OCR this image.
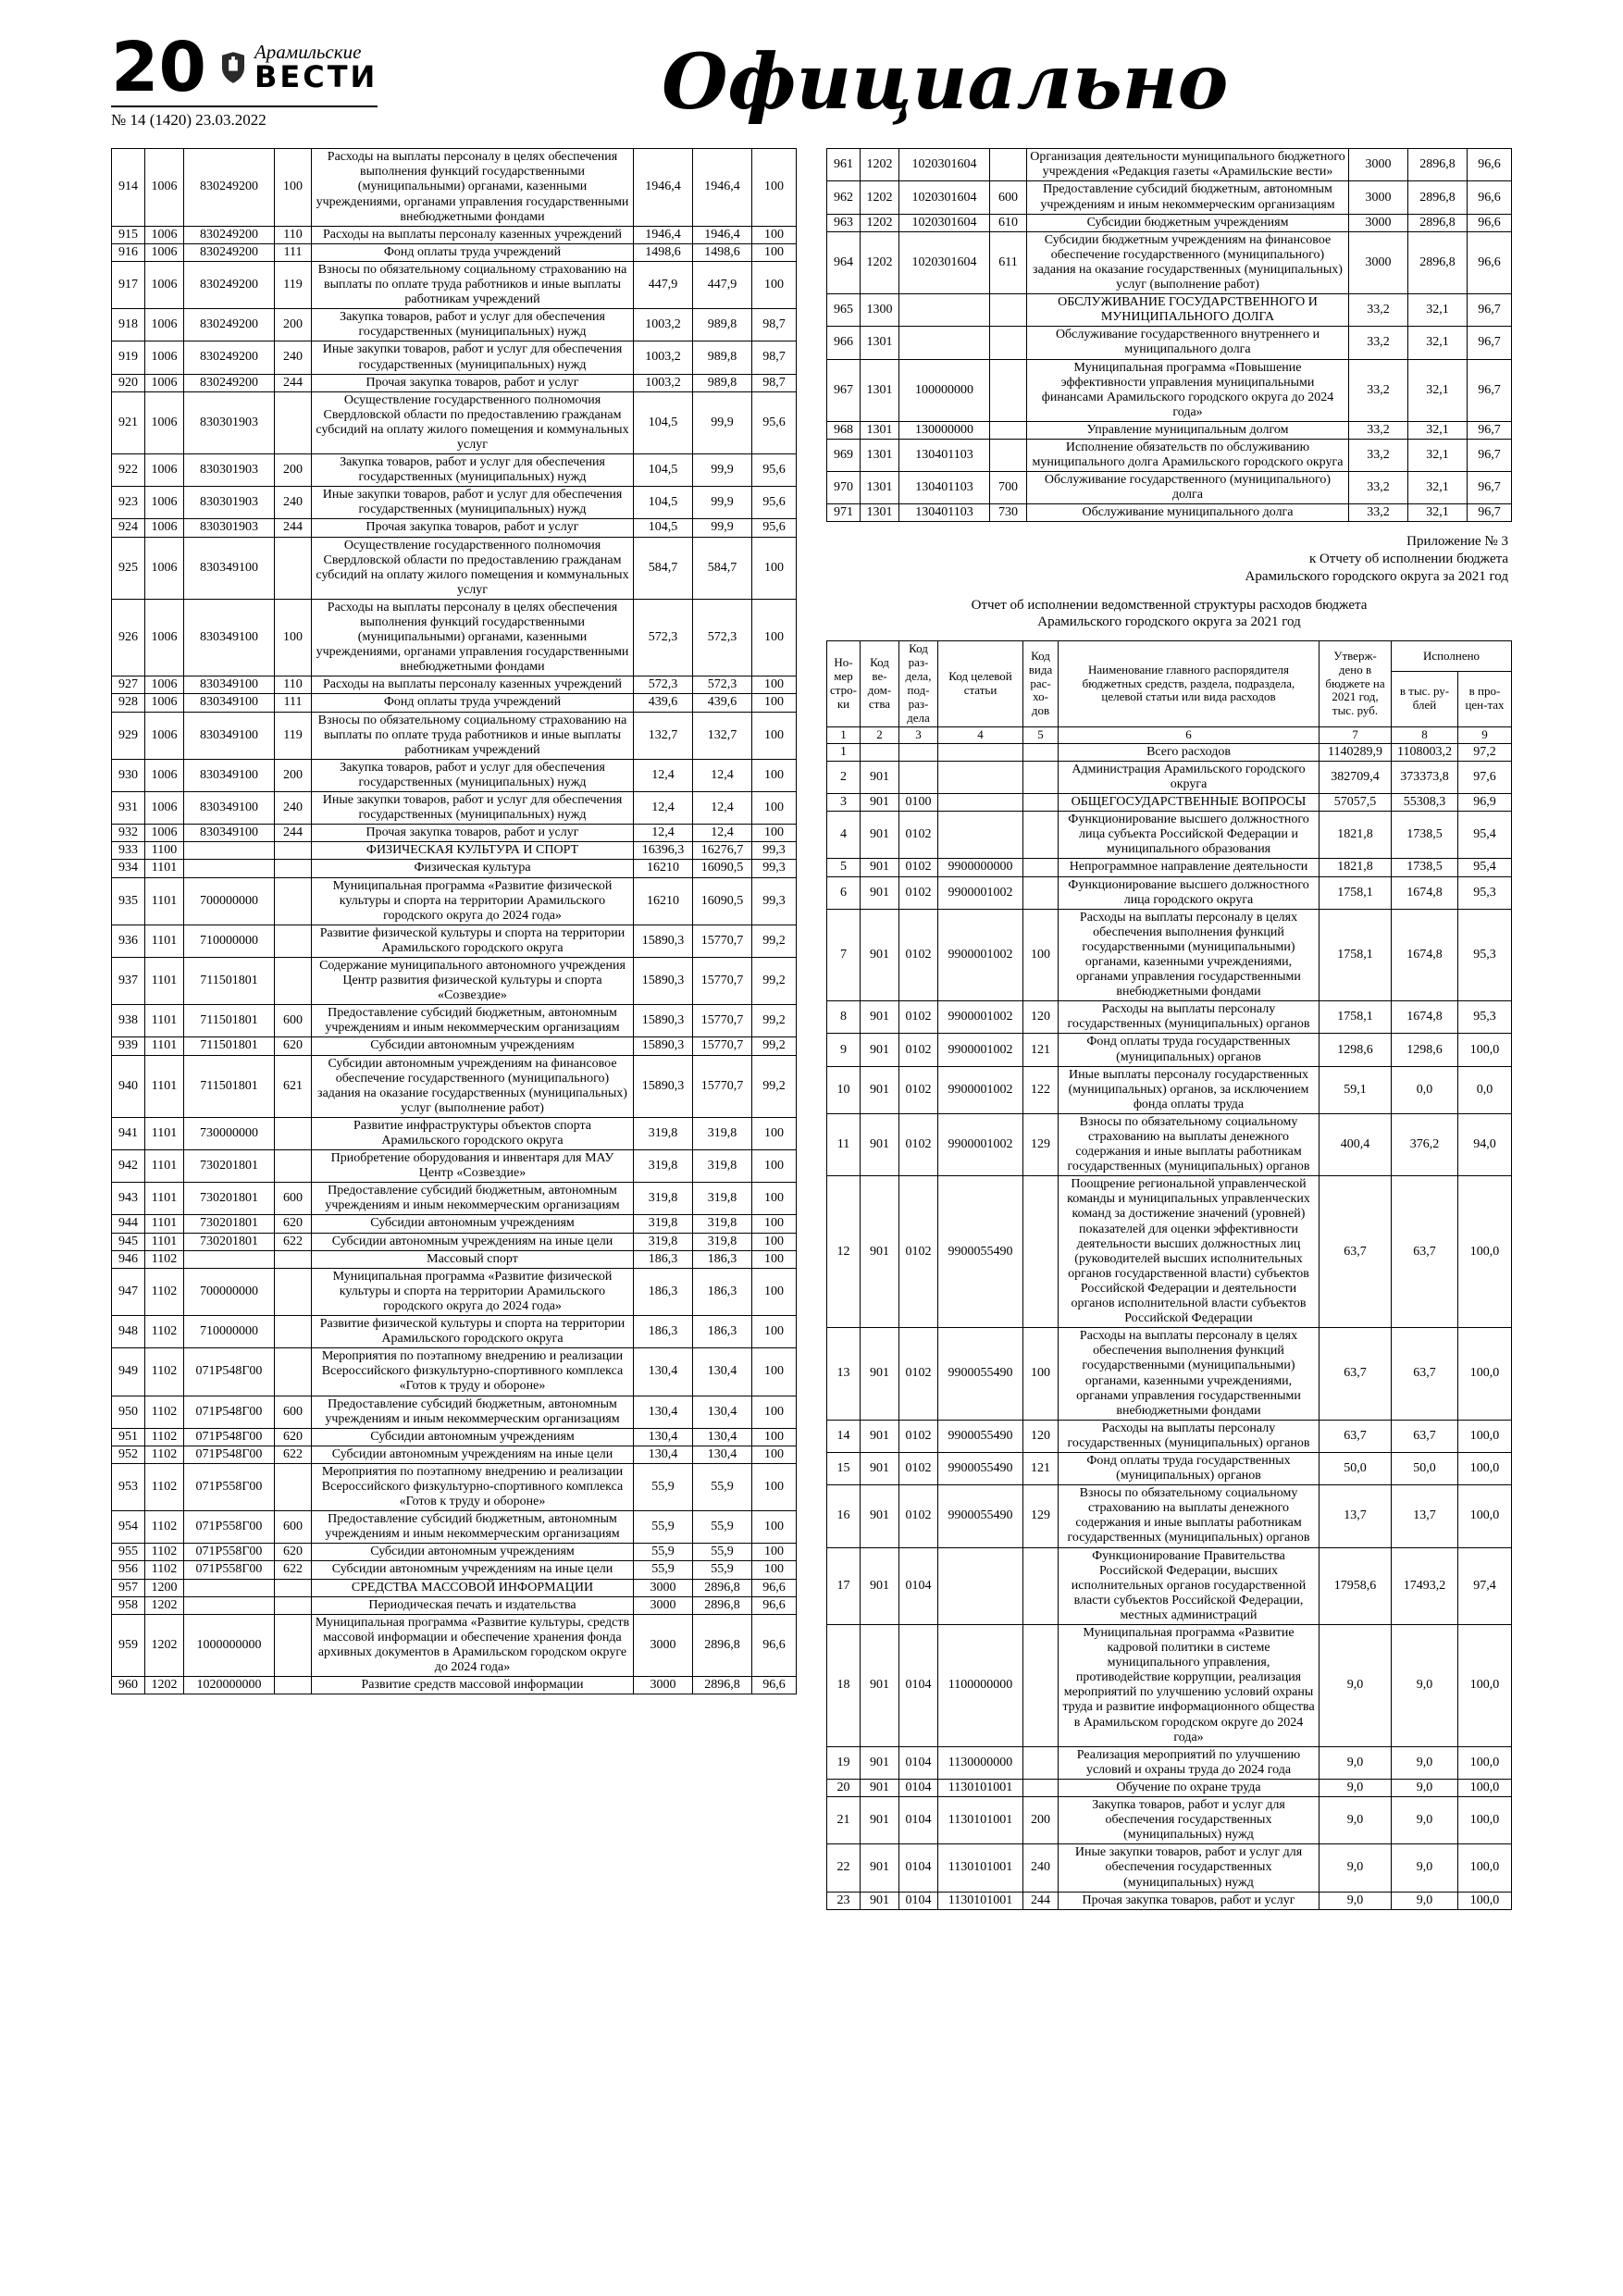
20 Арамильские
ВЕСТИ
№ 14 (1420) 23.03.2022	Официально
914	1006	830249200	100	Расходы на выплаты персоналу в целях обеспечения выполнения функций государственными (муниципальными) органами, казенными учреждениями, органами управления государственными внебюджетными фондами	1946,4	1946,4	100
915	1006	830249200	110	Расходы на выплаты персоналу казенных учреждений	1946,4	1946,4	100
916	1006	830249200	111	Фонд оплаты труда учреждений	1498,6	1498,6	100
917	1006	830249200	119	Взносы по обязательному социальному страхованию на выплаты по оплате труда работников и иные выплаты работникам учреждений	447,9	447,9	100
918	1006	830249200	200	Закупка товаров, работ и услуг для обеспечения государственных (муниципальных) нужд	1003,2	989,8	98,7
919	1006	830249200	240	Иные закупки товаров, работ и услуг для обеспечения государственных (муниципальных) нужд	1003,2	989,8	98,7
920	1006	830249200	244	Прочая закупка товаров, работ и услуг	1003,2	989,8	98,7
921	1006	830301903		Осуществление государственного полномочия Свердловской области по предоставлению гражданам субсидий на оплату жилого помещения и коммунальных услуг	104,5	99,9	95,6
922	1006	830301903	200	Закупка товаров, работ и услуг для обеспечения государственных (муниципальных) нужд	104,5	99,9	95,6
923	1006	830301903	240	Иные закупки товаров, работ и услуг для обеспечения государственных (муниципальных) нужд	104,5	99,9	95,6
924	1006	830301903	244	Прочая закупка товаров, работ и услуг	104,5	99,9	95,6
925	1006	830349100		Осуществление государственного полномочия Свердловской области по предоставлению гражданам субсидий на оплату жилого помещения и коммунальных услуг	584,7	584,7	100
926	1006	830349100	100	Расходы на выплаты персоналу в целях обеспечения выполнения функций государственными (муниципальными) органами, казенными учреждениями, органами управления государственными внебюджетными фондами	572,3	572,3	100
927	1006	830349100	110	Расходы на выплаты персоналу казенных учреждений	572,3	572,3	100
928	1006	830349100	111	Фонд оплаты труда учреждений	439,6	439,6	100
929	1006	830349100	119	Взносы по обязательному социальному страхованию на выплаты по оплате труда работников и иные выплаты работникам учреждений	132,7	132,7	100
930	1006	830349100	200	Закупка товаров, работ и услуг для обеспечения государственных (муниципальных) нужд	12,4	12,4	100
931	1006	830349100	240	Иные закупки товаров, работ и услуг для обеспечения государственных (муниципальных) нужд	12,4	12,4	100
932	1006	830349100	244	Прочая закупка товаров, работ и услуг	12,4	12,4	100
933	1100			ФИЗИЧЕСКАЯ КУЛЬТУРА И СПОРТ	16396,3	16276,7	99,3
934	1101			Физическая культура	16210	16090,5	99,3
935	1101	700000000		Муниципальная программа «Развитие физической культуры и спорта на территории Арамильского городского округа до 2024 года»	16210	16090,5	99,3
936	1101	710000000		Развитие физической культуры и спорта на территории Арамильского городского округа	15890,3	15770,7	99,2
937	1101	711501801		Содержание муниципального автономного учреждения Центр развития физической культуры и спорта «Созвездие»	15890,3	15770,7	99,2
938	1101	711501801	600	Предоставление субсидий бюджетным, автономным учреждениям и иным некоммерческим организациям	15890,3	15770,7	99,2
939	1101	711501801	620	Субсидии автономным учреждениям	15890,3	15770,7	99,2
940	1101	711501801	621	Субсидии автономным учреждениям на финансовое обеспечение государственного (муниципального) задания на оказание государственных (муниципальных) услуг (выполнение работ)	15890,3	15770,7	99,2
941	1101	730000000		Развитие инфраструктуры объектов спорта Арамильского городского округа	319,8	319,8	100
942	1101	730201801		Приобретение оборудования и инвентаря для МАУ Центр «Созвездие»	319,8	319,8	100
943	1101	730201801	600	Предоставление субсидий бюджетным, автономным учреждениям и иным некоммерческим организациям	319,8	319,8	100
944	1101	730201801	620	Субсидии автономным учреждениям	319,8	319,8	100
945	1101	730201801	622	Субсидии автономным учреждениям на иные цели	319,8	319,8	100
946	1102			Массовый спорт	186,3	186,3	100
947	1102	700000000		Муниципальная программа «Развитие физической культуры и спорта на территории Арамильского городского округа до 2024 года»	186,3	186,3	100
948	1102	710000000		Развитие физической культуры и спорта на территории Арамильского городского округа	186,3	186,3	100
949	1102	071Р548Г00		Мероприятия по поэтапному внедрению и реализации Всероссийского физкультурно-спортивного комплекса «Готов к труду и обороне»	130,4	130,4	100
950	1102	071Р548Г00	600	Предоставление субсидий бюджетным, автономным учреждениям и иным некоммерческим организациям	130,4	130,4	100
951	1102	071Р548Г00	620	Субсидии автономным учреждениям	130,4	130,4	100
952	1102	071Р548Г00	622	Субсидии автономным учреждениям на иные цели	130,4	130,4	100
953	1102	071Р558Г00		Мероприятия по поэтапному внедрению и реализации Всероссийского физкультурно-спортивного комплекса «Готов к труду и обороне»	55,9	55,9	100
954	1102	071Р558Г00	600	Предоставление субсидий бюджетным, автономным учреждениям и иным некоммерческим организациям	55,9	55,9	100
955	1102	071Р558Г00	620	Субсидии автономным учреждениям	55,9	55,9	100
956	1102	071Р558Г00	622	Субсидии автономным учреждениям на иные цели	55,9	55,9	100
957	1200			СРЕДСТВА МАССОВОЙ ИНФОРМАЦИИ	3000	2896,8	96,6
958	1202			Периодическая печать и издательства	3000	2896,8	96,6
959	1202	1000000000		Муниципальная программа «Развитие культуры, средств массовой информации и обеспечение хранения фонда архивных документов в Арамильском городском округе до 2024 года»	3000	2896,8	96,6
960	1202	1020000000		Развитие средств массовой информации	3000	2896,8	96,6
961	1202	1020301604		Организация деятельности муниципального бюджетного учреждения «Редакция газеты «Арамильские вести»	3000	2896,8	96,6
962	1202	1020301604	600	Предоставление субсидий бюджетным, автономным учреждениям и иным некоммерческим организациям	3000	2896,8	96,6
963	1202	1020301604	610	Субсидии бюджетным учреждениям	3000	2896,8	96,6
964	1202	1020301604	611	Субсидии бюджетным учреждениям на финансовое обеспечение государственного (муниципального) задания на оказание государственных (муниципальных) услуг (выполнение работ)	3000	2896,8	96,6
965	1300			ОБСЛУЖИВАНИЕ ГОСУДАРСТВЕННОГО И МУНИЦИПАЛЬНОГО ДОЛГА	33,2	32,1	96,7
966	1301			Обслуживание государственного внутреннего и муниципального долга	33,2	32,1	96,7
967	1301	100000000		Муниципальная программа «Повышение эффективности управления муниципальными финансами Арамильского городского округа до 2024 года»	33,2	32,1	96,7
968	1301	130000000		Управление муниципальным долгом	33,2	32,1	96,7
969	1301	130401103		Исполнение обязательств по обслуживанию муниципального долга Арамильского городского округа	33,2	32,1	96,7
970	1301	130401103	700	Обслуживание государственного (муниципального) долга	33,2	32,1	96,7
971	1301	130401103	730	Обслуживание муниципального долга	33,2	32,1	96,7
Приложение № 3
к Отчету об исполнении бюджета
Арамильского городского округа за 2021 год
Отчет об исполнении ведомственной структуры расходов бюджета
Арамильского городского округа за 2021 год
Но-мер стро-ки	Код ве-дом-ства	Код раз-дела, под-раз-дела	Код целевой статьи	Код вида рас-хо-дов	Наименование главного распорядителя бюджетных средств, раздела, подраздела, целевой статьи или вида расходов	Утверж-дено в бюджете на 2021 год, тыс. руб.	Исполнено	
							в тыс. ру-блей	в про-цен-тах
1	2	3	4	5	6	7	8	9
1					Всего расходов	1140289,9	1108003,2	97,2
2	901				Администрация Арамильского городского округа	382709,4	373373,8	97,6
3	901	0100			ОБЩЕГОСУДАРСТВЕННЫЕ ВОПРОСЫ	57057,5	55308,3	96,9
4	901	0102			Функционирование высшего должностного лица субъекта Российской Федерации и муниципального образования	1821,8	1738,5	95,4
5	901	0102	9900000000		Непрограммное направление деятельности	1821,8	1738,5	95,4
6	901	0102	9900001002		Функционирование высшего должностного лица городского округа	1758,1	1674,8	95,3
7	901	0102	9900001002	100	Расходы на выплаты персоналу в целях обеспечения выполнения функций государственными (муниципальными) органами, казенными учреждениями, органами управления государственными внебюджетными фондами	1758,1	1674,8	95,3
8	901	0102	9900001002	120	Расходы на выплаты персоналу государственных (муниципальных) органов	1758,1	1674,8	95,3
9	901	0102	9900001002	121	Фонд оплаты труда государственных (муниципальных) органов	1298,6	1298,6	100,0
10	901	0102	9900001002	122	Иные выплаты персоналу государственных (муниципальных) органов, за исключением фонда оплаты труда	59,1	0,0	0,0
11	901	0102	9900001002	129	Взносы по обязательному социальному страхованию на выплаты денежного содержания и иные выплаты работникам государственных (муниципальных) органов	400,4	376,2	94,0
12	901	0102	9900055490		Поощрение региональной управленческой команды и муниципальных управленческих команд за достижение значений (уровней) показателей для оценки эффективности деятельности высших должностных лиц (руководителей высших исполнительных органов государственной власти) субъектов Российской Федерации и деятельности органов исполнительной власти субъектов Российской Федерации	63,7	63,7	100,0
13	901	0102	9900055490	100	Расходы на выплаты персоналу в целях обеспечения выполнения функций государственными (муниципальными) органами, казенными учреждениями, органами управления государственными внебюджетными фондами	63,7	63,7	100,0
14	901	0102	9900055490	120	Расходы на выплаты персоналу государственных (муниципальных) органов	63,7	63,7	100,0
15	901	0102	9900055490	121	Фонд оплаты труда государственных (муниципальных) органов	50,0	50,0	100,0
16	901	0102	9900055490	129	Взносы по обязательному социальному страхованию на выплаты денежного содержания и иные выплаты работникам государственных (муниципальных) органов	13,7	13,7	100,0
17	901	0104			Функционирование Правительства Российской Федерации, высших исполнительных органов государственной власти субъектов Российской Федерации, местных администраций	17958,6	17493,2	97,4
18	901	0104	1100000000		Муниципальная программа «Развитие кадровой политики в системе муниципального управления, противодействие коррупции, реализация мероприятий по улучшению условий охраны труда и развитие информационного общества в Арамильском городском округе до 2024 года»	9,0	9,0	100,0
19	901	0104	1130000000		Реализация мероприятий по улучшению условий и охраны труда до 2024 года	9,0	9,0	100,0
20	901	0104	1130101001		Обучение по охране труда	9,0	9,0	100,0
21	901	0104	1130101001	200	Закупка товаров, работ и услуг для обеспечения государственных (муниципальных) нужд	9,0	9,0	100,0
22	901	0104	1130101001	240	Иные закупки товаров, работ и услуг для обеспечения государственных (муниципальных) нужд	9,0	9,0	100,0
23	901	0104	1130101001	244	Прочая закупка товаров, работ и услуг	9,0	9,0	100,0
